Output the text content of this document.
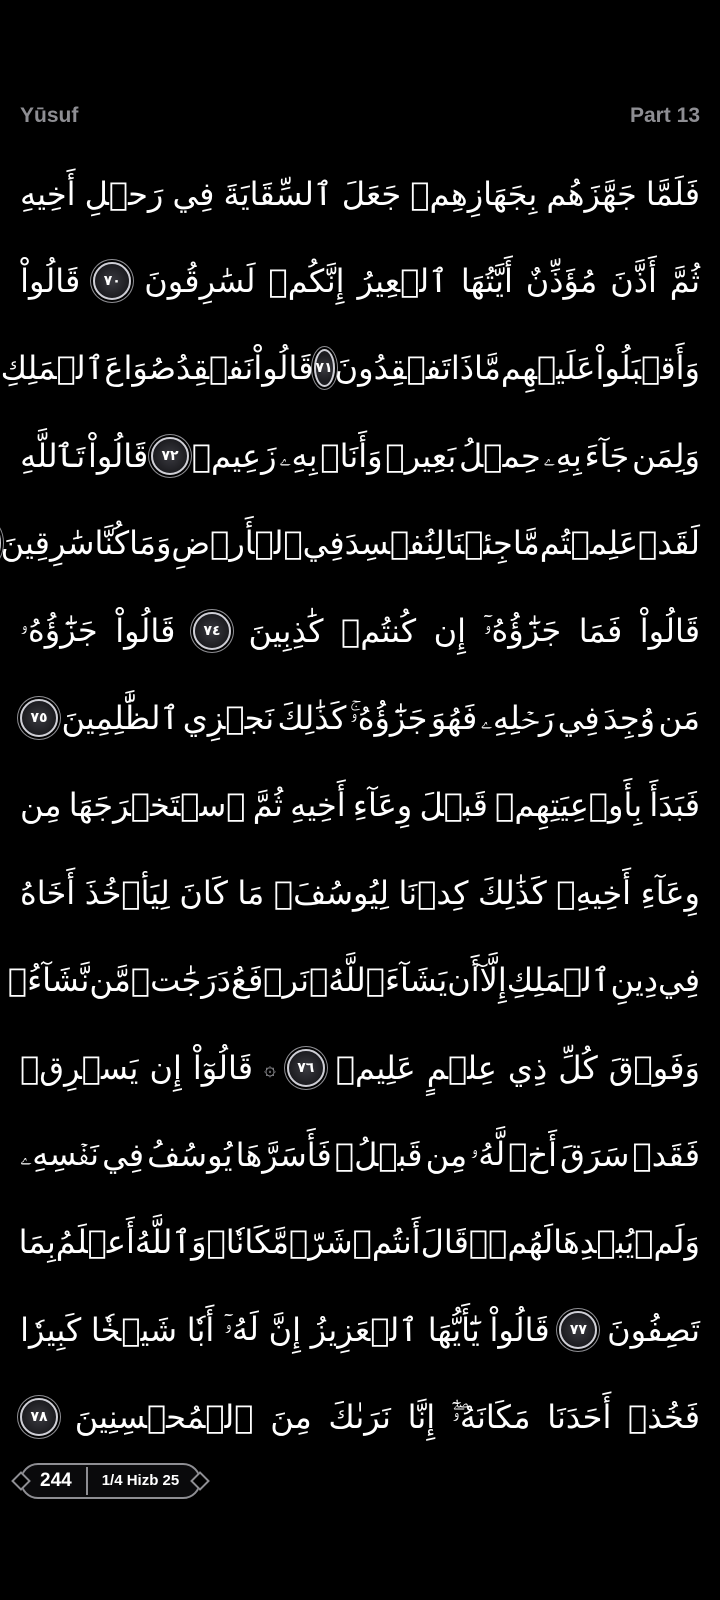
Yūsuf	Part 13
فَلَمَّا
جَهَّزَهُم
بِجَهَازِهِمۡ
جَعَلَ
ٱلسِّقَايَةَ
فِي
رَحۡلِ
أَخِيهِ
ثُمَّ
أَذَّنَ
مُؤَذِّنٌ
أَيَّتُهَا
ٱلۡعِيرُ
إِنَّكُمۡ
لَسَٰرِقُونَ
٧٠
قَالُواْ
وَأَقۡبَلُواْ
عَلَيۡهِم
مَّاذَا
تَفۡقِدُونَ
٧١
قَالُواْ
نَفۡقِدُ
صُوَاعَ
ٱلۡمَلِكِ
وَلِمَن
جَآءَ
بِهِۦ
حِمۡلُ
بَعِيرٖ
وَأَنَا۠
بِهِۦ
زَعِيمٞ
٧٢
قَالُواْ
تَٱللَّهِ
لَقَدۡ
عَلِمۡتُم
مَّا
جِئۡنَا
لِنُفۡسِدَ
فِي
ٱلۡأَرۡضِ
وَمَا
كُنَّا
سَٰرِقِينَ
قَالُواْ
فَمَا
جَزَٰٓؤُهُۥٓ
إِن
كُنتُمۡ
كَٰذِبِينَ
٧٤
قَالُواْ
جَزَٰٓؤُهُۥ
مَن
وُجِدَ
فِي
رَحۡلِهِۦ
فَهُوَ
جَزَٰٓؤُهُۥۚ
كَذَٰلِكَ
نَجۡزِي
ٱلظَّٰلِمِينَ
٧٥
فَبَدَأَ
بِأَوۡعِيَتِهِمۡ
قَبۡلَ
وِعَآءِ
أَخِيهِ
ثُمَّ
ٱسۡتَخۡرَجَهَا
مِن
وِعَآءِ
أَخِيهِۚ
كَذَٰلِكَ
كِدۡنَا
لِيُوسُفَۖ
مَا
كَانَ
لِيَأۡخُذَ
أَخَاهُ
فِي
دِينِ
ٱلۡمَلِكِ
إِلَّآ
أَن
يَشَآءَ
ٱللَّهُۚ
نَرۡفَعُ
دَرَجَٰتٖ
مَّن
نَّشَآءُۗ
وَفَوۡقَ
كُلِّ
ذِي
عِلۡمٍ
عَلِيمٞ
٧٦
۞
قَالُوٓاْ
إِن
يَسۡرِقۡ
فَقَدۡ
سَرَقَ
أَخٞ
لَّهُۥ
مِن
قَبۡلُۚ
فَأَسَرَّهَا
يُوسُفُ
فِي
نَفۡسِهِۦ
وَلَمۡ
يُبۡدِهَا
لَهُمۡۚ
قَالَ
أَنتُمۡ
شَرّٞ
مَّكَانٗاۖ
وَٱللَّهُ
أَعۡلَمُ
بِمَا
تَصِفُونَ
٧٧
قَالُواْ
يَٰٓأَيُّهَا
ٱلۡعَزِيزُ
إِنَّ
لَهُۥٓ
أَبٗا
شَيۡخٗا
كَبِيرٗا
فَخُذۡ
أَحَدَنَا
مَكَانَهُۥٓۖ
إِنَّا
نَرَىٰكَ
مِنَ
ٱلۡمُحۡسِنِينَ
٧٨
244	1/4 Hizb 25
